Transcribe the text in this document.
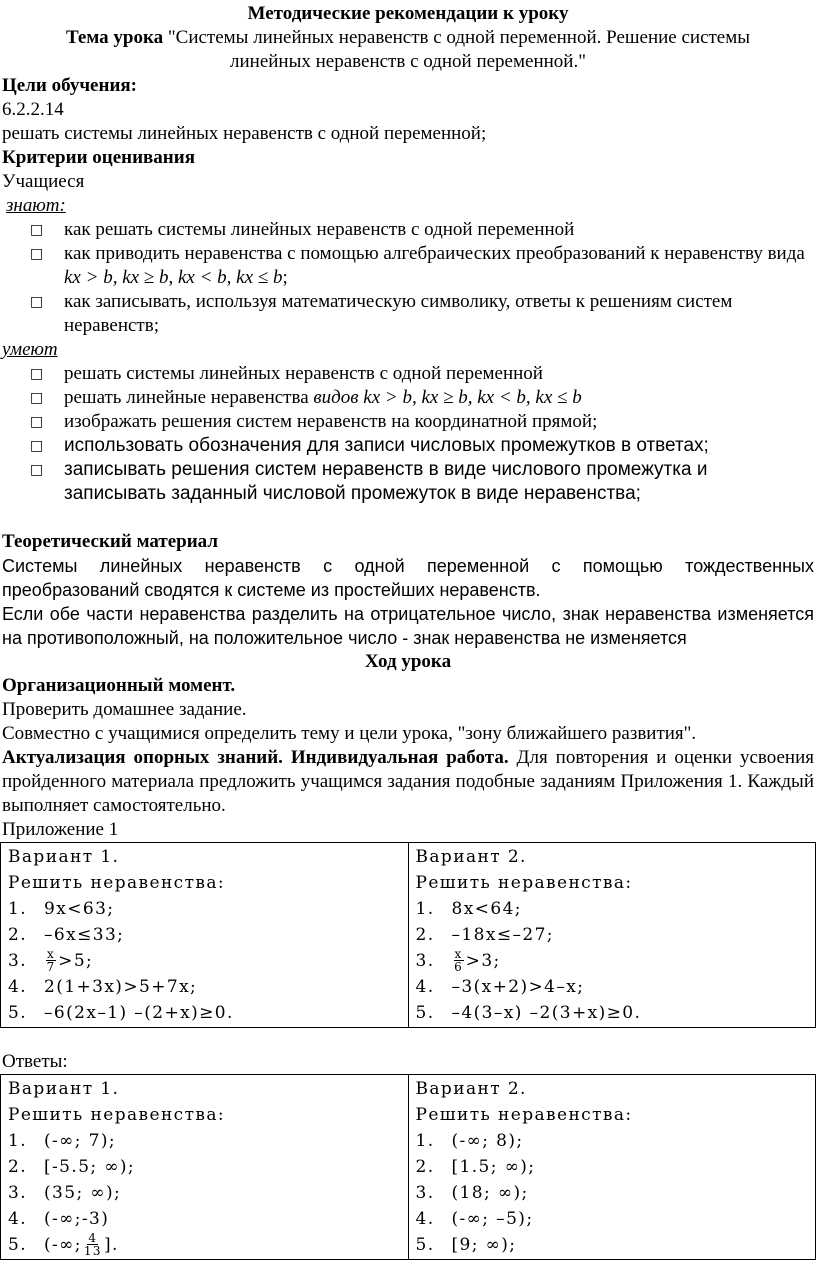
Методические рекомендации к уроку
Тема урока "Системы линейных неравенств с одной переменной. Решение системы линейных неравенств с одной переменной."
Цели обучения:
6.2.2.14
решать системы линейных неравенств с одной переменной;
Критерии оценивания
Учащиеся
знают:
□ как решать системы линейных неравенств с одной переменной
□ как приводить неравенства с помощью алгебраических преобразований к неравенству вида kx > b, kx ≥ b, kx < b, kx ≤ b;
□ как записывать, используя математическую символику, ответы к решениям систем неравенств;
умеют
□ решать системы линейных неравенств с одной переменной
□ решать линейные неравенства видов kx > b, kx ≥ b, kx < b, kx ≤ b
□ изображать решения систем неравенств на координатной прямой;
□ использовать обозначения для записи числовых промежутков в ответах;
□ записывать решения систем неравенств в виде числового промежутка и записывать заданный числовой промежуток в виде неравенства;
Теоретический материал
Системы линейных неравенств с одной переменной с помощью тождественных преобразований сводятся к системе из простейших неравенств.
Если обе части неравенства разделить на отрицательное число, знак неравенства изменяется на противоположный, на положительное число - знак неравенства не изменяется
Ход урока
Организационный момент.
Проверить домашнее задание.
Совместно с учащимися определить тему и цели урока, "зону ближайшего развития".
Актуализация опорных знаний. Индивидуальная работа. Для повторения и оценки усвоения пройденного материала предложить учащимся задания подобные заданиям Приложения 1. Каждый выполняет самостоятельно.
Приложение 1
Вариант 1.
Решить неравенства:
1. 9x<63;
2. –6x≤33;
3.	$\frac{x}{7} >5$;
4. 2(1+3x)>5+7x;
5. –6(2x–1) –(2+x)≥0.

Вариант 2.
Решить неравенства:
1. 8x<64;
2. –18x≤–27;
3.	$\frac{x}{6} >3$;
4. –3(x+2)>4–x;
5. –4(3–x) –2(3+x)≥0.
Ответы:
Вариант 1.
Решить неравенства:
1. (-∞; 7);
2. [-5.5; ∞);
3. (35; ∞);
4. (-∞;-3)
5. (-∞; $\frac{4}{13}$ ].

Вариант 2.
Решить неравенства:
1. (-∞; 8);
2. [1.5; ∞);
3. (18; ∞);
4. (-∞; –5);
5. [9; ∞);
